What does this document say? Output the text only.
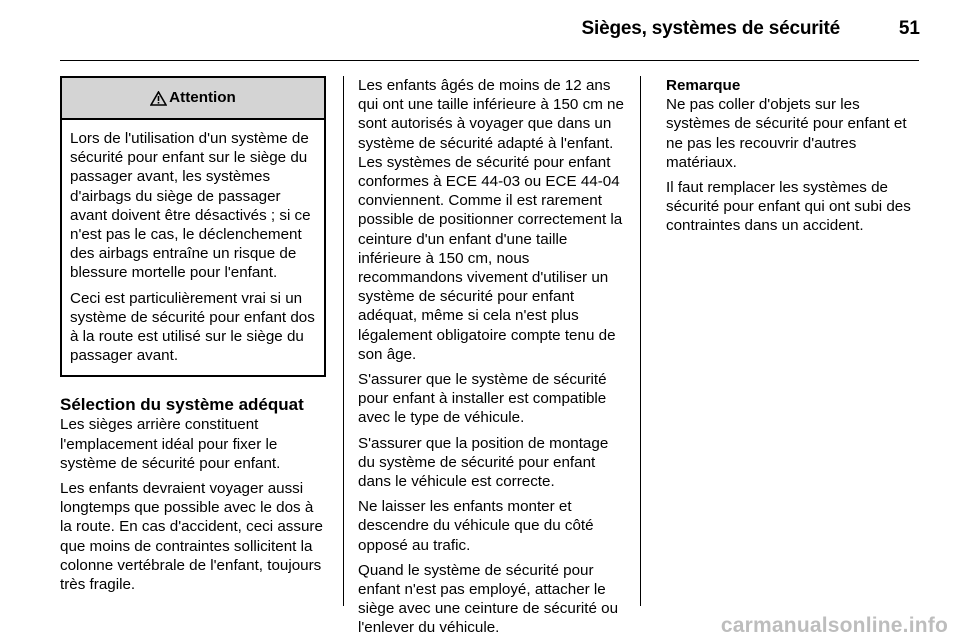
Sièges, systèmes de sécurité	51
Attention

Lors de l'utilisation d'un système de sécurité pour enfant sur le siège du passager avant, les systèmes d'airbags du siège de passager avant doivent être désactivés ; si ce n'est pas le cas, le déclenchement des airbags entraîne un risque de blessure mortelle pour l'enfant.

Ceci est particulièrement vrai si un système de sécurité pour enfant dos à la route est utilisé sur le siège du passager avant.

Sélection du système adéquat

Les sièges arrière constituent l'emplacement idéal pour fixer le système de sécurité pour enfant.

Les enfants devraient voyager aussi longtemps que possible avec le dos à la route. En cas d'accident, ceci assure que moins de contraintes sollicitent la colonne vertébrale de l'enfant, toujours très fragile.

Les enfants âgés de moins de 12 ans qui ont une taille inférieure à 150 cm ne sont autorisés à voyager que dans un système de sécurité adapté à l'enfant. Les systèmes de sécurité pour enfant conformes à ECE 44-03 ou ECE 44-04 conviennent. Comme il est rarement possible de positionner correctement la ceinture d'un enfant d'une taille inférieure à 150 cm, nous recommandons vivement d'utiliser un système de sécurité pour enfant adéquat, même si cela n'est plus légalement obligatoire compte tenu de son âge.

S'assurer que le système de sécurité pour enfant à installer est compatible avec le type de véhicule.

S'assurer que la position de montage du système de sécurité pour enfant dans le véhicule est correcte.

Ne laisser les enfants monter et descendre du véhicule que du côté opposé au trafic.

Quand le système de sécurité pour enfant n'est pas employé, attacher le siège avec une ceinture de sécurité ou l'enlever du véhicule.

Remarque

Ne pas coller d'objets sur les systèmes de sécurité pour enfant et ne pas les recouvrir d'autres matériaux.

Il faut remplacer les systèmes de sécurité pour enfant qui ont subi des contraintes dans un accident.

carmanualsonline.info
